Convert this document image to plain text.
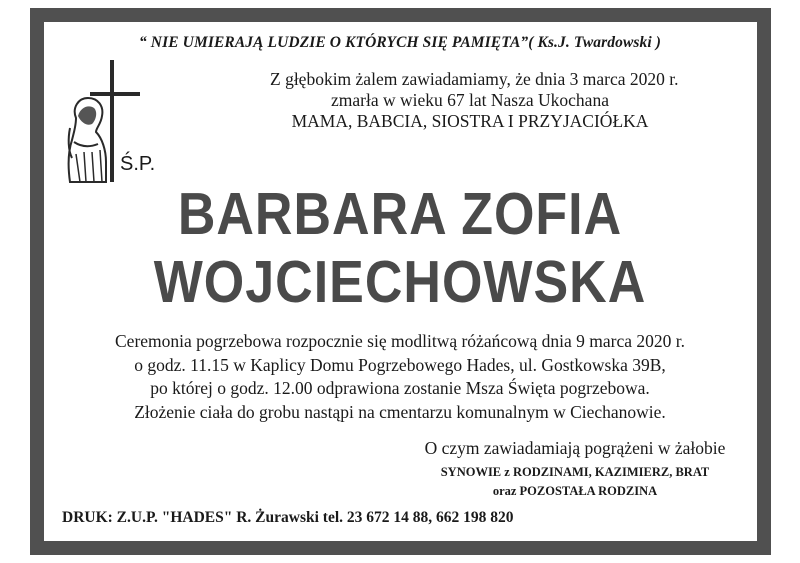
“ NIE UMIERAJĄ LUDZIE O KTÓRYCH SIĘ PAMIĘTA”( Ks.J. Twardowski )
Z głębokim żalem zawiadamiamy, że dnia 3 marca 2020 r.
zmarła w wieku 67 lat Nasza Ukochana
MAMA, BABCIA, SIOSTRA I PRZYJACIÓŁKA
Ś.P.
BARBARA ZOFIA
WOJCIECHOWSKA
Ceremonia pogrzebowa rozpocznie się modlitwą różańcową dnia 9 marca 2020 r.
o godz. 11.15 w Kaplicy Domu Pogrzebowego Hades, ul. Gostkowska 39B,
po której o godz. 12.00 odprawiona zostanie Msza Święta pogrzebowa.
Złożenie ciała do grobu nastąpi na cmentarzu komunalnym w Ciechanowie.
O czym zawiadamiają pogrążeni w żałobie
SYNOWIE z RODZINAMI, KAZIMIERZ, BRAT
oraz POZOSTAŁA RODZINA
DRUK: Z.U.P. "HADES" R. Żurawski tel. 23 672 14 88, 662 198 820
